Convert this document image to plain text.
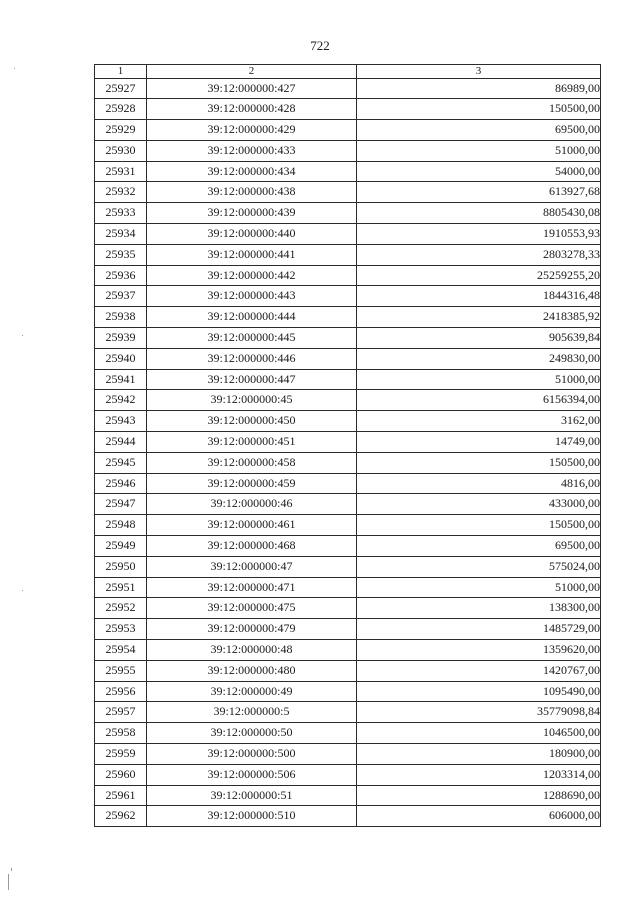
722
1	2	3
25927	39:12:000000:427	86989,00
25928	39:12:000000:428	150500,00
25929	39:12:000000:429	69500,00
25930	39:12:000000:433	51000,00
25931	39:12:000000:434	54000,00
25932	39:12:000000:438	613927,68
25933	39:12:000000:439	8805430,08
25934	39:12:000000:440	1910553,93
25935	39:12:000000:441	2803278,33
25936	39:12:000000:442	25259255,20
25937	39:12:000000:443	1844316,48
25938	39:12:000000:444	2418385,92
25939	39:12:000000:445	905639,84
25940	39:12:000000:446	249830,00
25941	39:12:000000:447	51000,00
25942	39:12:000000:45	6156394,00
25943	39:12:000000:450	3162,00
25944	39:12:000000:451	14749,00
25945	39:12:000000:458	150500,00
25946	39:12:000000:459	4816,00
25947	39:12:000000:46	433000,00
25948	39:12:000000:461	150500,00
25949	39:12:000000:468	69500,00
25950	39:12:000000:47	575024,00
25951	39:12:000000:471	51000,00
25952	39:12:000000:475	138300,00
25953	39:12:000000:479	1485729,00
25954	39:12:000000:48	1359620,00
25955	39:12:000000:480	1420767,00
25956	39:12:000000:49	1095490,00
25957	39:12:000000:5	35779098,84
25958	39:12:000000:50	1046500,00
25959	39:12:000000:500	180900,00
25960	39:12:000000:506	1203314,00
25961	39:12:000000:51	1288690,00
25962	39:12:000000:510	606000,00
